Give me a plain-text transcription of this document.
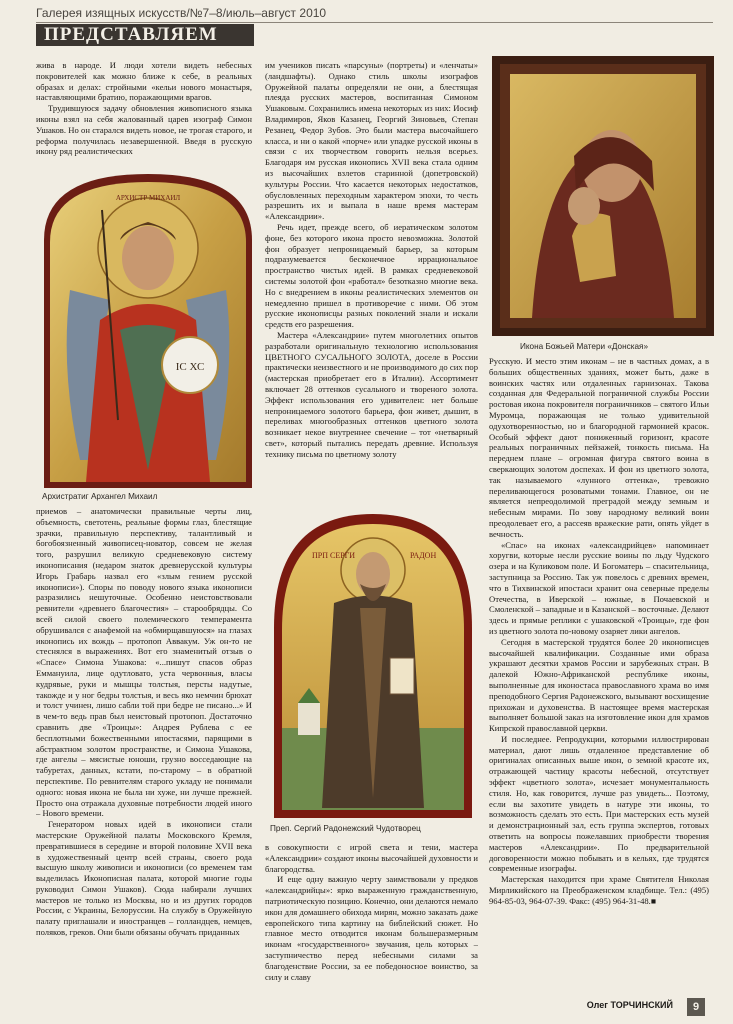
Галерея изящных искусств/№7–8/июль–август 2010
ПРЕДСТАВЛЯЕМ

жива в народе. И люди хотели видеть небесных покровителей как можно ближе к себе, в реальных образах и делах: стройными «кельи нового монастыря, наставляющими братию, поражающими врагов.

Трудившуюся задачу обновления живописного языка иконы взял на себя жалованный царев изограф Симон Ушаков. Но он старался видеть новое, не трогая старого, и реформа получилась незавершенной. Введя в русскую икону ряд реалистических

ІС ХС
АРХИСТР МИХАИЛ
Архистратиг Архангел Михаил

приемов – анатомически правильные черты лиц, объемность, светотень, реальные формы глаз, блестящие зрачки, правильную перспективу, талантливый и богобоязненный живописец-новатор, совсем не желая того, разрушил великую средневековую систему иконописания (недаром знаток древнерусской культуры Игорь Грабарь назвал его «злым гением русской иконописи»). Споры по поводу нового языка иконописи разразились нешуточные. Особенно неистовствовали ревнители «древнего благочестия» – старообрядцы. Со всей силой своего полемического темперамента обрушивался с анафемой на «обмирщавшуюся» на глазах иконопись их вождь – протопоп Аввакум. Уж он-то не стеснялся в выражениях. Вот его знаменитый отзыв о «Спасе» Симона Ушакова: «...пишут спасов образ Еммануила, лице одутловато, уста червонныя, власы кудрявые, руки и мышцы толстыя, персты надутые, такожде и у ног бедры толстыя, и весь яко немчин брюхат и толст учинен, лишо сабли той при бедре не писано...» И в чем-то ведь прав был неистовый протопоп. Достаточно сравнить две «Троицы»: Андрея Рублева с ее бесплотными божественными ипостасями, парящими в абстрактном золотом пространстве, и Симона Ушакова, где ангелы – мясистые юноши, грузно восседающие на табуретах, данных, кстати, по-старому – в обратной перспективе. По ревнителям старого укладу не понимали одного: новая икона не была ни хуже, ни лучше прежней. Просто она отражала духовные потребности людей иного – Нового времени.

Генератором новых идей в иконописи стали мастерские Оружейной палаты Московского Кремля, превратившиеся в середине и второй половине XVII века в художественный центр всей страны, своего рода высшую школу живописи и иконописи (со временем там выделилась Иконописная палата, которой многие годы руководил Симон Ушаков). Сюда набирали лучших мастеров не только из Москвы, но и из других городов России, с Украины, Белоруссии. На службу в Оружейную палату приглашали и иностранцев – голландцев, немцев, поляков, греков. Они были обязаны обучать приданных

им учеников писать «парсуны» (портреты) и «ленчаты» (ландшафты). Однако стиль школы изографов Оружейной палаты определяли не они, а блестящая плеяда русских мастеров, воспитанная Симоном Ушаковым. Сохранились имена некоторых из них: Иосиф Владимиров, Яков Казанец, Георгий Зиновьев, Степан Резанец, Федор Зубов. Это были мастера высочайшего класса, и ни о какой «порче» или упадке русской иконы в связи с их творчеством говорить нельзя всерьез. Благодаря им русская иконопись XVII века стала одним из высочайших взлетов старинной (допетровской) культуры России. Что касается некоторых недостатков, обусловленных переходным характером эпохи, то честь разрешить их и выпала в наше время мастерам «Александрии».

Речь идет, прежде всего, об иератическом золотом фоне, без которого икона просто невозможна. Золотой фон образует непроницаемый барьер, за которым подразумевается бесконечное иррациональное пространство чистых идей. В рамках средневековой системы золотой фон «работал» безотказно многие века. Но с внедрением в иконы реалистических элементов он немедленно пришел в противоречие с ними. Об этом русские иконописцы разных поколений знали и искали средств его разрешения.

Мастера «Александрии» путем многолетних опытов разработали оригинальную технологию использования ЦВЕТНОГО СУСАЛЬНОГО ЗОЛОТА, доселе в России практически неизвестного и не производимого до сих пор (мастерская приобретает его в Италии). Ассортимент включает 28 оттенков сусального и твореного золота. Эффект использования его удивителен: нет больше непроницаемого золотого барьера, фон живет, дышит, в переливах многообразных оттенков цветного золота возникает некое внутреннее свечение – тот «нетварный свет», который пытались передать древние. Используя технику письма по цветному золоту

ПРП СЕРГИ	РАДОН
Преп. Сергий Радонежский Чудотворец

в совокупности с игрой света и тени, мастера «Александрии» создают иконы высочайшей духовности и благородства.

И еще одну важную черту заимствовали у предков «александрийцы»: ярко выраженную гражданственную, патриотическую позицию. Конечно, они делаются немало икон для домашнего обихода мирян, можно заказать даже европейского типа картину на библейский сюжет. Но главное место отводится иконам большеразмерным иконам «государственного» звучания, цель которых – заступничество перед небесными силами за благоденствие России, за ее победоносное воинство, за силу и славу

Икона Божьей Матери «Донская»

Русскую. И место этим иконам – не в частных домах, а в больших общественных зданиях, может быть, даже в воинских частях или отдаленных гарнизонах. Такова созданная для Федеральной пограничной службы России ростовая икона покровителя пограничников – святого Ильи Муромца, поражающая не только удивительной одухотворенностью, но и благородной гармонией красок. Особый эффект дают пониженный горизонт, красоте реальных пограничных пейзажей, тонкость письма. На переднем плане – огромная фигура святого воина в сверкающих золотом доспехах. И фон из цветного золота, так называемого «лунного оттенка», тревожно переливающегося розоватыми тонами. Главное, он не является непреодолимой преградой между земным и небесным мирами. По зову народному великий воин преодолевает его, а рассеяв вражеские рати, опять уйдет в вечность.

«Спас» на иконах «александрийцев» напоминает хоругви, которые несли русские воины по льду Чудского озера и на Куликовом поле. И Богоматерь – спасительница, заступница за Россию. Так уж повелось с древних времен, что в Тихвинской ипостаси хранит она северные пределы Отечества, в Иверской – южные, в Почаевской и Смоленской – западные и в Казанской – восточные. Делают здесь и прямые реплики с ушаковской «Троицы», где фон из цветного золота по-новому озаряет лики ангелов.

Сегодня в мастерской трудятся более 20 иконописцев высочайшей квалификации. Созданные ими образа украшают десятки храмов России и зарубежных стран. В далекой Южно-Африканской республике иконы, выполненные для иконостаса православного храма во имя преподобного Сергия Радонежского, вызывают восхищение прихожан и духовенства. В настоящее время мастерская выполняет большой заказ на изготовление икон для храмов Кипрской православной церкви.

И последнее. Репродукции, которыми иллюстрирован материал, дают лишь отдаленное представление об оригиналах описанных выше икон, о земной красоте их, отражающей частицу красоты небесной, отсутствует эффект «цветного золота», исчезает монументальность стиля. Но, как говорится, лучше раз увидеть... Поэтому, если вы захотите увидеть в натуре эти иконы, то возможность сделать это есть. При мастерских есть музей и демонстрационный зал, есть группа экспертов, готовых ответить на вопросы пожелавших приобрести творения мастеров «Александрии». По предварительной договоренности можно побывать и в кельях, где трудятся современные изографы.

Мастерская находится при храме Святителя Николая Мирликийского на Преображенском кладбище. Тел.: (495) 964-85-03, 964-07-39. Факс: (495) 964-31-48.■

Олег ТОРЧИНСКИЙ	9
